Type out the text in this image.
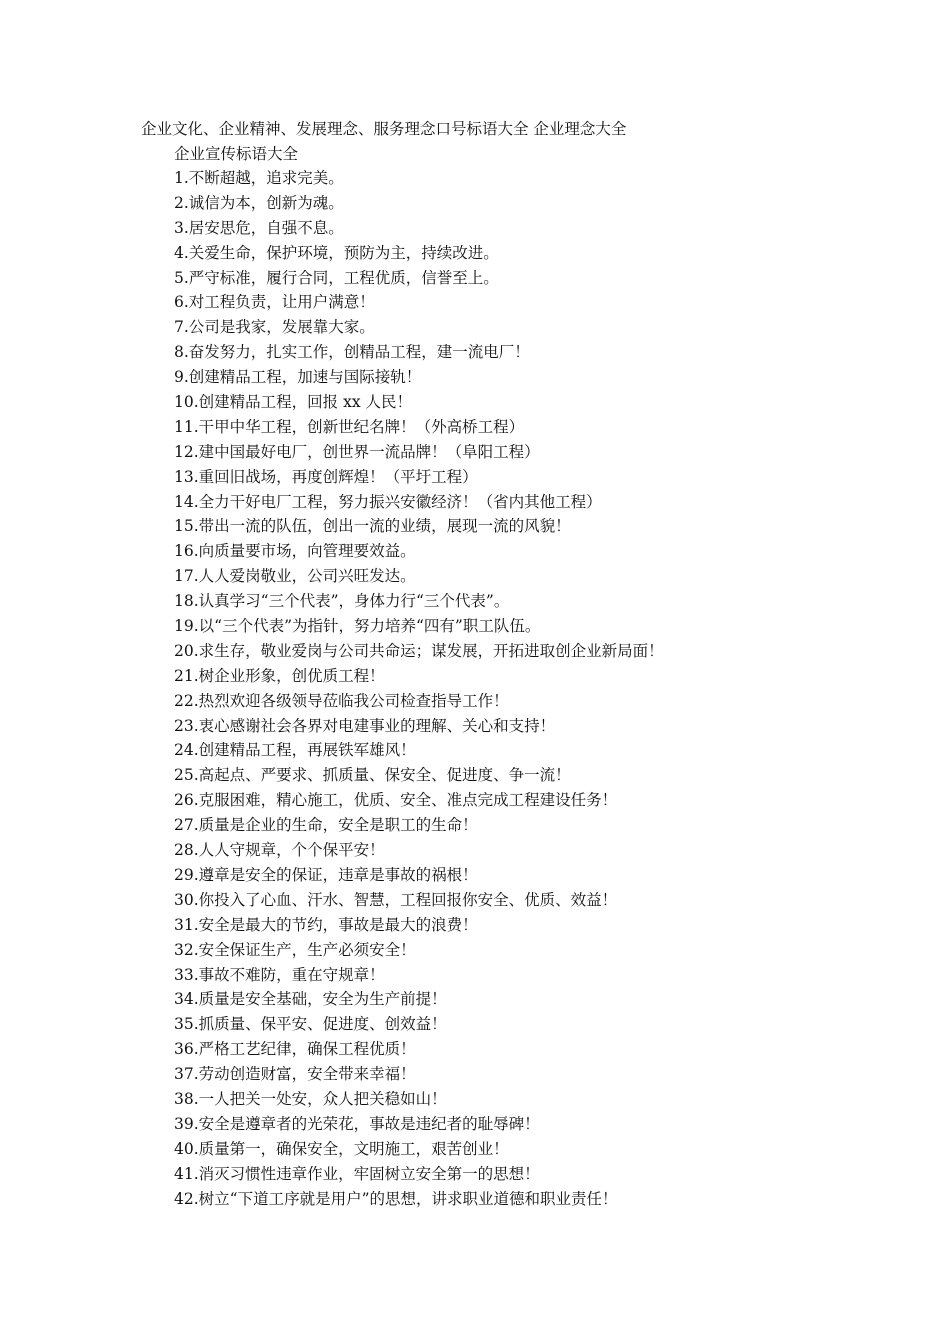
企业文化、企业精神、发展理念、服务理念口号标语大全 企业理念大全
企业宣传标语大全
1.不断超越，追求完美。
2.诚信为本，创新为魂。
3.居安思危，自强不息。
4.关爱生命，保护环境，预防为主，持续改进。
5.严守标准，履行合同，工程优质，信誉至上。
6.对工程负责，让用户满意！
7.公司是我家，发展靠大家。
8.奋发努力，扎实工作，创精品工程，建一流电厂！
9.创建精品工程，加速与国际接轨！
10.创建精品工程，回报 xx 人民！
11.干甲中华工程，创新世纪名牌！（外高桥工程）
12.建中国最好电厂，创世界一流品牌！（阜阳工程）
13.重回旧战场，再度创辉煌！（平圩工程）
14.全力干好电厂工程，努力振兴安徽经济！（省内其他工程）
15.带出一流的队伍，创出一流的业绩，展现一流的风貌！
16.向质量要市场，向管理要效益。
17.人人爱岗敬业，公司兴旺发达。
18.认真学习“三个代表”，身体力行“三个代表”。
19.以“三个代表”为指针，努力培养“四有”职工队伍。
20.求生存，敬业爱岗与公司共命运；谋发展，开拓进取创企业新局面！
21.树企业形象，创优质工程！
22.热烈欢迎各级领导莅临我公司检查指导工作！
23.衷心感谢社会各界对电建事业的理解、关心和支持！
24.创建精品工程，再展铁军雄风！
25.高起点、严要求、抓质量、保安全、促进度、争一流！
26.克服困难，精心施工，优质、安全、准点完成工程建设任务！
27.质量是企业的生命，安全是职工的生命！
28.人人守规章，个个保平安！
29.遵章是安全的保证，违章是事故的祸根！
30.你投入了心血、汗水、智慧，工程回报你安全、优质、效益！
31.安全是最大的节约，事故是最大的浪费！
32.安全保证生产，生产必须安全！
33.事故不难防，重在守规章！
34.质量是安全基础，安全为生产前提！
35.抓质量、保平安、促进度、创效益！
36.严格工艺纪律，确保工程优质！
37.劳动创造财富，安全带来幸福！
38.一人把关一处安，众人把关稳如山！
39.安全是遵章者的光荣花，事故是违纪者的耻辱碑！
40.质量第一，确保安全，文明施工，艰苦创业！
41.消灭习惯性违章作业，牢固树立安全第一的思想！
42.树立“下道工序就是用户”的思想，讲求职业道德和职业责任！
